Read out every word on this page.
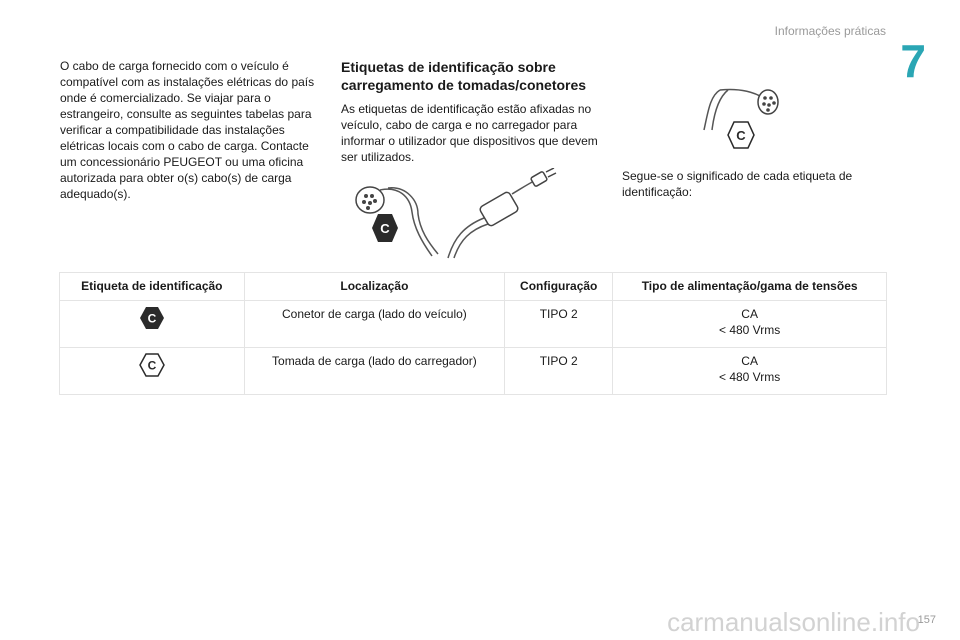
Informações práticas
7
O cabo de carga fornecido com o veículo é compatível com as instalações elétricas do país onde é comercializado. Se viajar para o estrangeiro, consulte as seguintes tabelas para verificar a compatibilidade das instalações elétricas locais com o cabo de carga. Contacte um concessionário PEUGEOT ou uma oficina autorizada para obter o(s) cabo(s) de carga adequado(s).
Etiquetas de identificação sobre carregamento de tomadas/conetores

As etiquetas de identificação estão afixadas no veículo, cabo de carga e no carregador para informar o utilizador que dispositivos que devem ser utilizados.

C
C
Segue-se o significado de cada etiqueta de identificação:
Etiqueta de identificação	Localização	Configuração	Tipo de alimentação/gama de tensões

C	Conetor de carga (lado do veículo)	TIPO 2	CA
< 480 Vrms

C	Tomada de carga (lado do carregador)	TIPO 2	CA
< 480 Vrms
157
carmanualsonline.info
